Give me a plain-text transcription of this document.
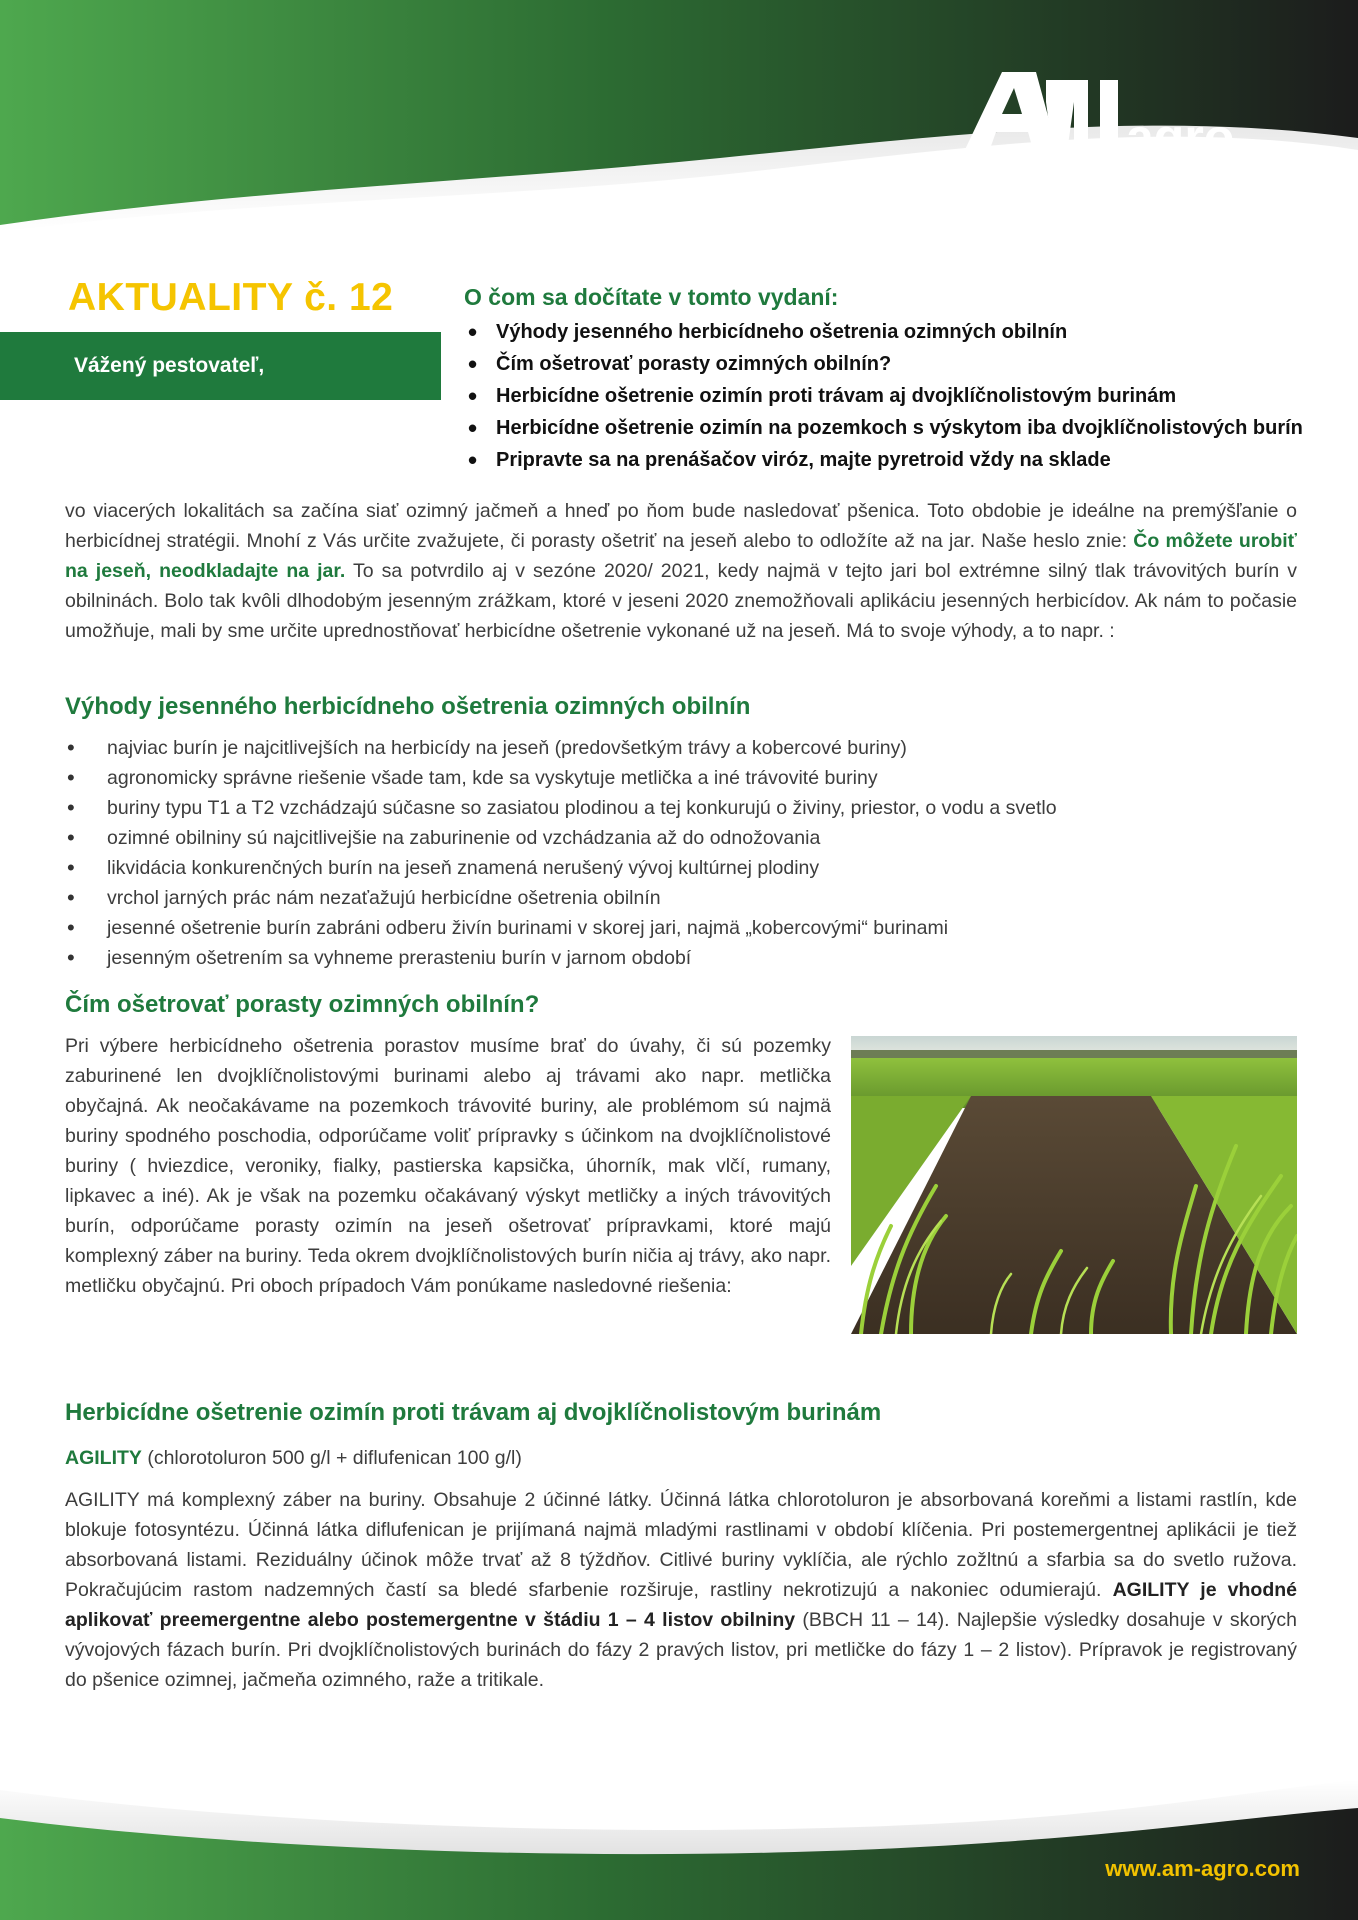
agro
AKTUALITY č. 12
Vážený pestovateľ,
O čom sa dočítate v tomto vydaní:
• Výhody jesenného herbicídneho ošetrenia ozimných obilnín
• Čím ošetrovať porasty ozimných obilnín?
• Herbicídne ošetrenie ozimín proti trávam aj dvojklíčnolistovým burinám
• Herbicídne ošetrenie ozimín na pozemkoch s výskytom iba dvojklíčnolistových burín
• Pripravte sa na prenášačov viróz, majte pyretroid vždy na sklade

vo viacerých lokalitách sa začína siať ozimný jačmeň a hneď po ňom bude nasledovať pšenica. Toto obdobie je ideálne na premýšľanie o herbicídnej stratégii. Mnohí z Vás určite zvažujete, či porasty ošetriť na jeseň alebo to odložíte až na jar. Naše heslo znie: Čo môžete urobiť na jeseň, neodkladajte na jar. To sa potvrdilo aj v sezóne 2020/ 2021, kedy najmä v tejto jari bol extrémne silný tlak trávovitých burín v obilninách. Bolo tak kvôli dlhodobým jesenným zrážkam, ktoré v jeseni 2020 znemožňovali aplikáciu jesenných herbicídov. Ak nám to počasie umožňuje, mali by sme určite uprednostňovať herbicídne ošetrenie vykonané už na jeseň. Má to svoje výhody, a to napr. :

Výhody jesenného herbicídneho ošetrenia ozimných obilnín
• najviac burín je najcitlivejších na herbicídy na jeseň (predovšetkým trávy a kobercové buriny)
• agronomicky správne riešenie všade tam, kde sa vyskytuje metlička a iné trávovité buriny
• buriny typu T1 a T2 vzchádzajú súčasne so zasiatou plodinou a tej konkurujú o živiny, priestor, o vodu a svetlo
• ozimné obilniny sú najcitlivejšie na zaburinenie od vzchádzania až do odnožovania
• likvidácia konkurenčných burín na jeseň znamená nerušený vývoj kultúrnej plodiny
• vrchol jarných prác nám nezaťažujú herbicídne ošetrenia obilnín
• jesenné ošetrenie burín zabráni odberu živín burinami v skorej jari, najmä „kobercovými“ burinami
• jesenným ošetrením sa vyhneme prerasteniu burín v jarnom období
Čím ošetrovať porasty ozimných obilnín?

Pri výbere herbicídneho ošetrenia porastov musíme brať do úvahy, či sú pozemky zaburinené len dvojklíčnolistovými burinami alebo aj trávami ako napr. metlička obyčajná. Ak neočakávame na pozemkoch trávovité buriny, ale problémom sú najmä buriny spodného poschodia, odporúčame voliť prípravky s účinkom na dvojklíčnolistové buriny ( hviezdice, veroniky, fialky, pastierska kapsička, úhorník, mak vlčí, rumany, lipkavec a iné). Ak je však na pozemku očakávaný výskyt metličky a iných trávovitých burín, odporúčame porasty ozimín na jeseň ošetrovať prípravkami, ktoré majú komplexný záber na buriny. Teda okrem dvojklíčnolistových burín ničia aj trávy, ako napr. metličku obyčajnú. Pri oboch prípadoch Vám ponúkame nasledovné riešenia:

Herbicídne ošetrenie ozimín proti trávam aj dvojklíčnolistovým burinám

AGILITY (chlorotoluron 500 g/l + diflufenican 100 g/l)

AGILITY má komplexný záber na buriny. Obsahuje 2 účinné látky. Účinná látka chlorotoluron je absorbovaná koreňmi a listami rastlín, kde blokuje fotosyntézu. Účinná látka diflufenican je prijímaná najmä mladými rastlinami v období klíčenia. Pri postemergentnej aplikácii je tiež absorbovaná listami. Reziduálny účinok môže trvať až 8 týždňov. Citlivé buriny vyklíčia, ale rýchlo zožltnú a sfarbia sa do svetlo ružova. Pokračujúcim rastom nadzemných častí sa bledé sfarbenie rozširuje, rastliny nekrotizujú a nakoniec odumierajú. AGILITY je vhodné aplikovať preemergentne alebo postemergentne v štádiu 1 – 4 listov obilniny (BBCH 11 – 14). Najlepšie výsledky dosahuje v skorých vývojových fázach burín. Pri dvojklíčnolistových burinách do fázy 2 pravých listov, pri metličke do fázy 1 – 2 listov). Prípravok je registrovaný do pšenice ozimnej, jačmeňa ozimného, raže a tritikale.

www.am-agro.com
